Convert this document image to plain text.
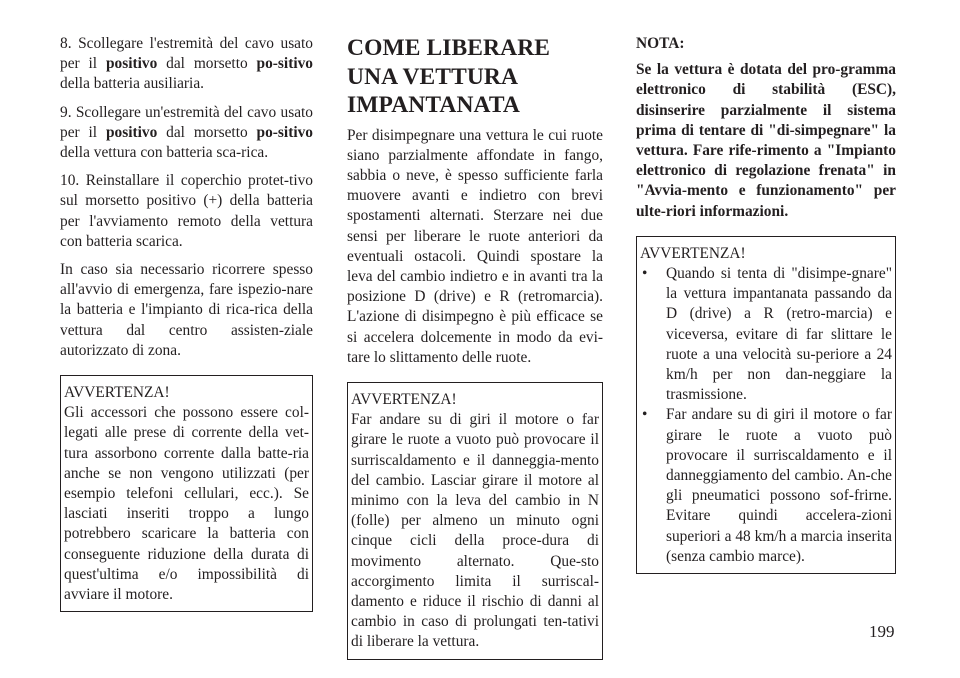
8. Scollegare l'estremità del cavo usato per il positivo dal morsetto po-sitivo della batteria ausiliaria.

9. Scollegare un'estremità del cavo usato per il positivo dal morsetto po-sitivo della vettura con batteria sca-rica.

10. Reinstallare il coperchio protet-tivo sul morsetto positivo (+) della batteria per l'avviamento remoto della vettura con batteria scarica.

In caso sia necessario ricorrere spesso all'avvio di emergenza, fare ispezio-nare la batteria e l'impianto di rica-rica della vettura dal centro assisten-ziale autorizzato di zona.

AVVERTENZA!
Gli accessori che possono essere col-legati alle prese di corrente della vet-tura assorbono corrente dalla batte-ria anche se non vengono utilizzati (per esempio telefoni cellulari, ecc.). Se lasciati inseriti troppo a lungo potrebbero scaricare la batteria con conseguente riduzione della durata di quest'ultima e/o impossibilità di avviare il motore.
COME LIBERARE UNA VETTURA IMPANTANATA

Per disimpegnare una vettura le cui ruote siano parzialmente affondate in fango, sabbia o neve, è spesso sufficiente farla muovere avanti e indietro con brevi spostamenti alternati. Sterzare nei due sensi per liberare le ruote anteriori da eventuali ostacoli. Quindi spostare la leva del cambio indietro e in avanti tra la posizione D (drive) e R (retromarcia). L'azione di disimpegno è più efficace se si accelera dolcemente in modo da evi-tare lo slittamento delle ruote.

AVVERTENZA!
Far andare su di giri il motore o far girare le ruote a vuoto può provocare il surriscaldamento e il danneggia-mento del cambio. Lasciar girare il motore al minimo con la leva del cambio in N (folle) per almeno un minuto ogni cinque cicli della proce-dura di movimento alternato. Que-sto accorgimento limita il surriscal-damento e riduce il rischio di danni al cambio in caso di prolungati ten-tativi di liberare la vettura.
NOTA:
Se la vettura è dotata del pro-gramma elettronico di stabilità (ESC), disinserire parzialmente il sistema prima di tentare di "di-simpegnare" la vettura. Fare rife-rimento a "Impianto elettronico di regolazione frenata" in "Avvia-mento e funzionamento" per ulte-riori informazioni.
AVVERTENZA!
• Quando si tenta di "disimpe-gnare" la vettura impantanata passando da D (drive) a R (retro-marcia) e viceversa, evitare di far slittare le ruote a una velocità su-periore a 24 km/h per non dan-neggiare la trasmissione.
• Far andare su di giri il motore o far girare le ruote a vuoto può provocare il surriscaldamento e il danneggiamento del cambio. An-che gli pneumatici possono sof-frirne. Evitare quindi accelera-zioni superiori a 48 km/h a marcia inserita (senza cambio marce).
199
